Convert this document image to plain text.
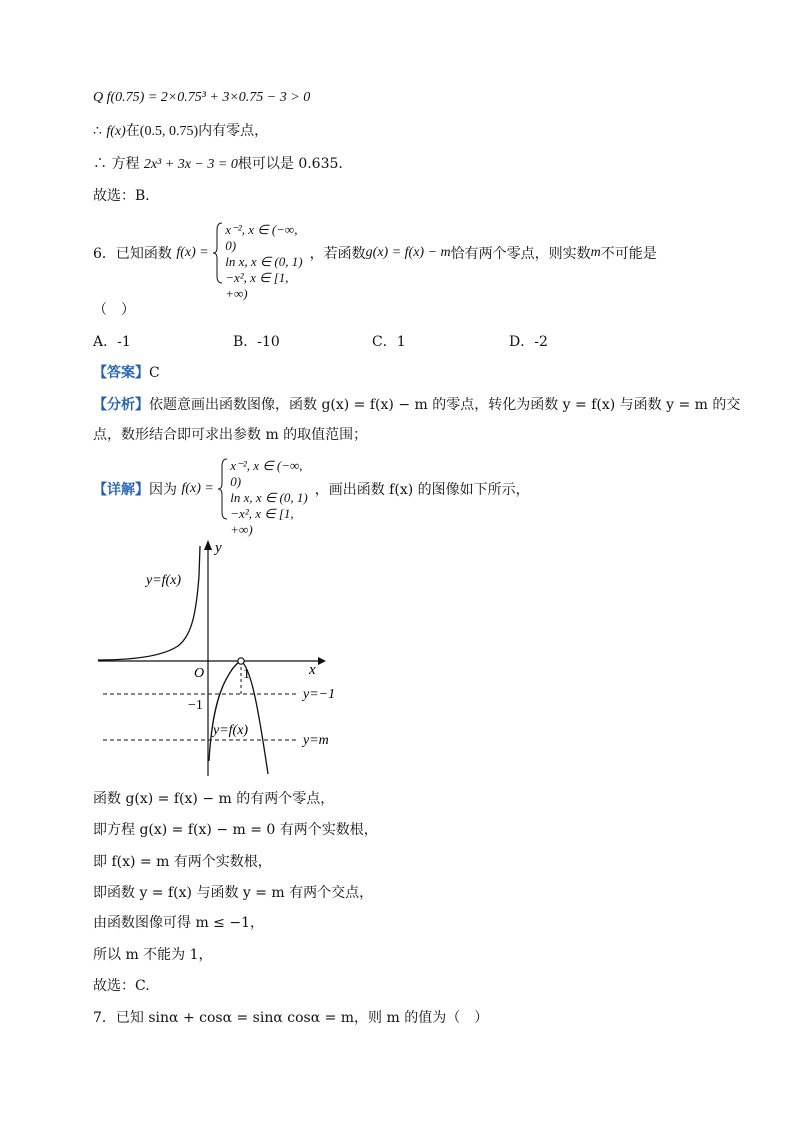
Q f(0.75) = 2×0.75³ + 3×0.75 − 3 > 0
∴ f(x)在(0.5, 0.75)内有零点，
∴ 方程 2x³ + 3x − 3 = 0根可以是 0.635.
故选：B．
6．已知函数 f(x) =
x⁻², x ∈ (−∞, 0)
ln x, x ∈ (0, 1)
−x², x ∈ [1, +∞)
，若函数g(x) = f(x) − m恰有两个零点，则实数m不可能是
（　）
A．-1	B．-10	C．1	D．-2
【答案】C
【分析】依题意画出函数图像，函数 g(x) = f(x) − m 的零点，转化为函数 y = f(x) 与函数 y = m 的交
点，数形结合即可求出参数 m 的取值范围；
【详解】因为 f(x) =
x⁻², x ∈ (−∞, 0)
ln x, x ∈ (0, 1)
−x², x ∈ [1, +∞)
，画出函数 f(x) 的图像如下所示，
y
x
O	1
−1
y=f(x)
y=f(x)
y=−1
y=m
函数 g(x) = f(x) − m 的有两个零点，
即方程 g(x) = f(x) − m = 0 有两个实数根，
即 f(x) = m 有两个实数根，
即函数 y = f(x) 与函数 y = m 有两个交点，
由函数图像可得 m ≤ −1，
所以 m 不能为 1，
故选：C.
7．已知 sinα + cosα = sinα cosα = m，则 m 的值为（　）
